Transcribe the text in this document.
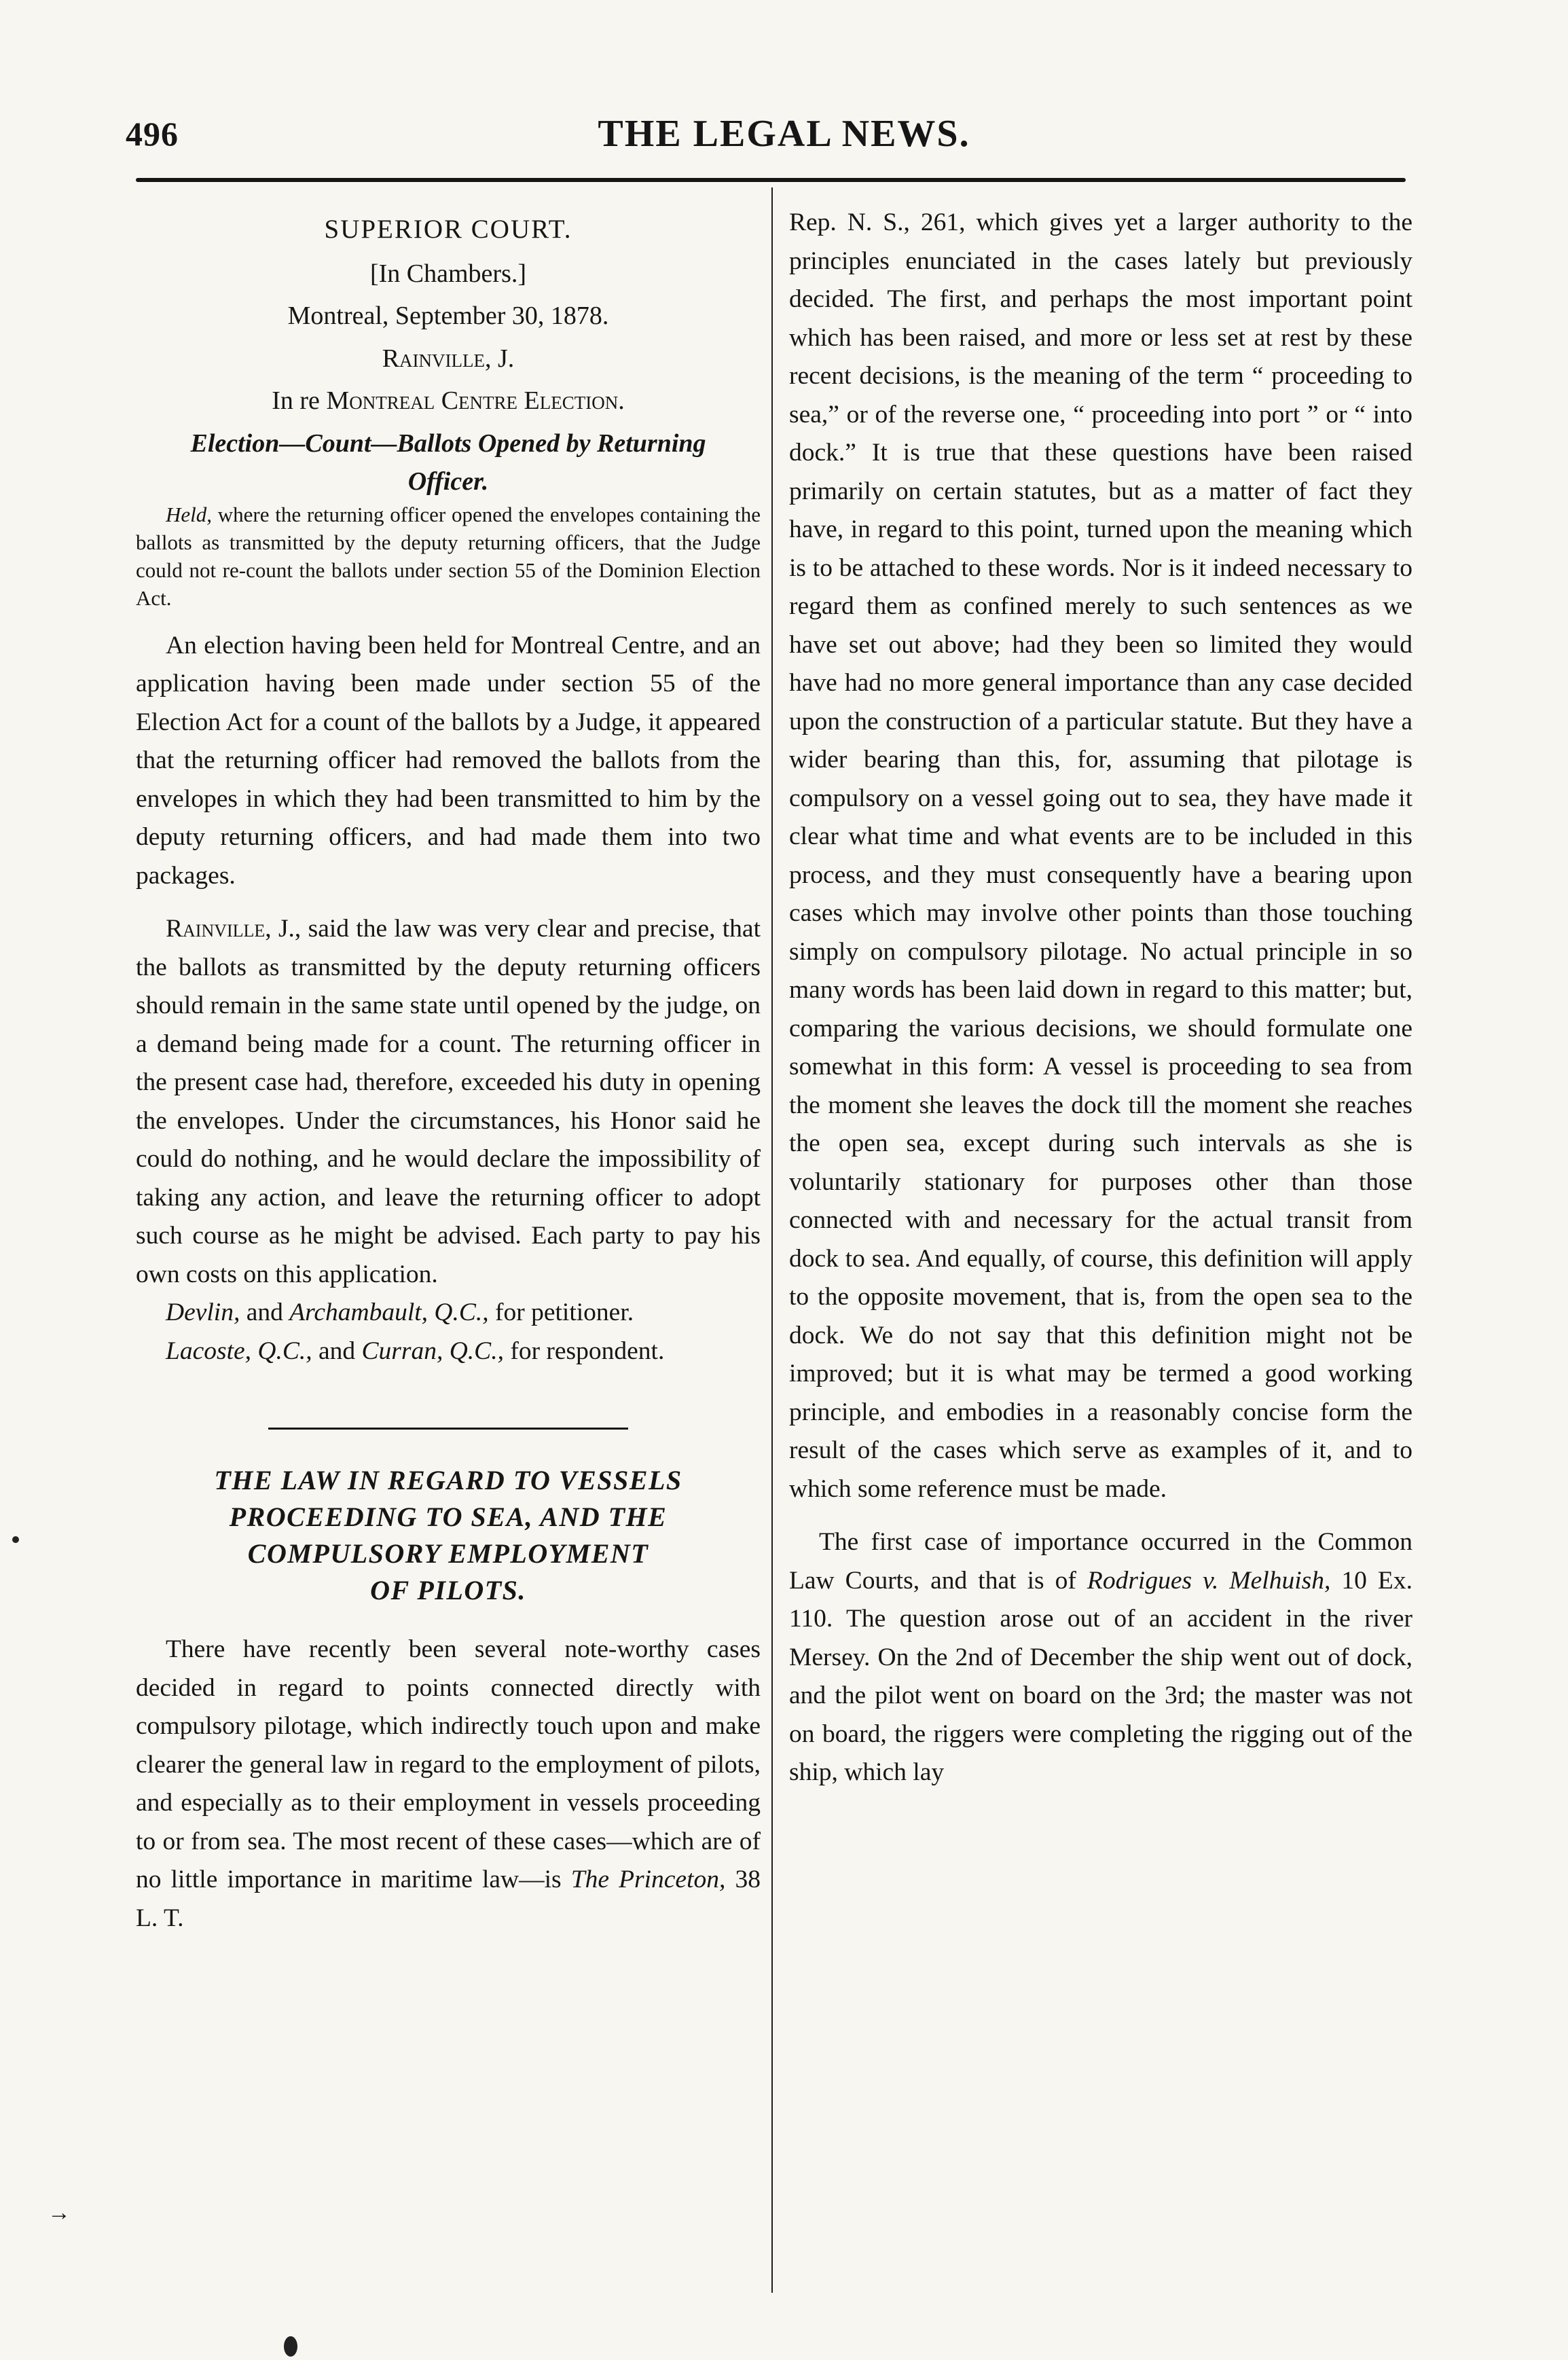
496	THE LEGAL NEWS.
SUPERIOR COURT.
[In Chambers.]
Montreal, September 30, 1878.
Rainville, J.
In re Montreal Centre Election.
Election—Count—Ballots Opened by Returning
Officer.

Held, where the returning officer opened the envelopes containing the ballots as transmitted by the deputy returning officers, that the Judge could not re-count the ballots under section 55 of the Dominion Election Act.

An election having been held for Montreal Centre, and an application having been made under section 55 of the Election Act for a count of the ballots by a Judge, it appeared that the returning officer had removed the ballots from the envelopes in which they had been transmitted to him by the deputy returning officers, and had made them into two packages.

Rainville, J., said the law was very clear and precise, that the ballots as transmitted by the deputy returning officers should remain in the same state until opened by the judge, on a demand being made for a count. The returning officer in the present case had, therefore, exceeded his duty in opening the envelopes. Under the circumstances, his Honor said he could do nothing, and he would declare the impossibility of taking any action, and leave the returning officer to adopt such course as he might be advised. Each party to pay his own costs on this application.

Devlin, and Archambault, Q.C., for petitioner.

Lacoste, Q.C., and Curran, Q.C., for respondent.

THE LAW IN REGARD TO VESSELS
PROCEEDING TO SEA, AND THE
COMPULSORY EMPLOYMENT
OF PILOTS.

There have recently been several note-worthy cases decided in regard to points connected directly with compulsory pilotage, which indirectly touch upon and make clearer the general law in regard to the employment of pilots, and especially as to their employment in vessels proceeding to or from sea. The most recent of these cases—which are of no little importance in maritime law—is The Princeton, 38 L. T.

Rep. N. S., 261, which gives yet a larger authority to the principles enunciated in the cases lately but previously decided. The first, and perhaps the most important point which has been raised, and more or less set at rest by these recent decisions, is the meaning of the term “ proceeding to sea,” or of the reverse one, “ proceeding into port ” or “ into dock.” It is true that these questions have been raised primarily on certain statutes, but as a matter of fact they have, in regard to this point, turned upon the meaning which is to be attached to these words. Nor is it indeed necessary to regard them as confined merely to such sentences as we have set out above; had they been so limited they would have had no more general importance than any case decided upon the construction of a particular statute. But they have a wider bearing than this, for, assuming that pilotage is compulsory on a vessel going out to sea, they have made it clear what time and what events are to be included in this process, and they must consequently have a bearing upon cases which may involve other points than those touching simply on compulsory pilotage. No actual principle in so many words has been laid down in regard to this matter; but, comparing the various decisions, we should formulate one somewhat in this form: A vessel is proceeding to sea from the moment she leaves the dock till the moment she reaches the open sea, except during such intervals as she is voluntarily stationary for purposes other than those connected with and necessary for the actual transit from dock to sea. And equally, of course, this definition will apply to the opposite movement, that is, from the open sea to the dock. We do not say that this definition might not be improved; but it is what may be termed a good working principle, and embodies in a reasonably concise form the result of the cases which serve as examples of it, and to which some reference must be made.

The first case of importance occurred in the Common Law Courts, and that is of Rodrigues v. Melhuish, 10 Ex. 110. The question arose out of an accident in the river Mersey. On the 2nd of December the ship went out of dock, and the pilot went on board on the 3rd; the master was not on board, the riggers were completing the rigging out of the ship, which lay

→
